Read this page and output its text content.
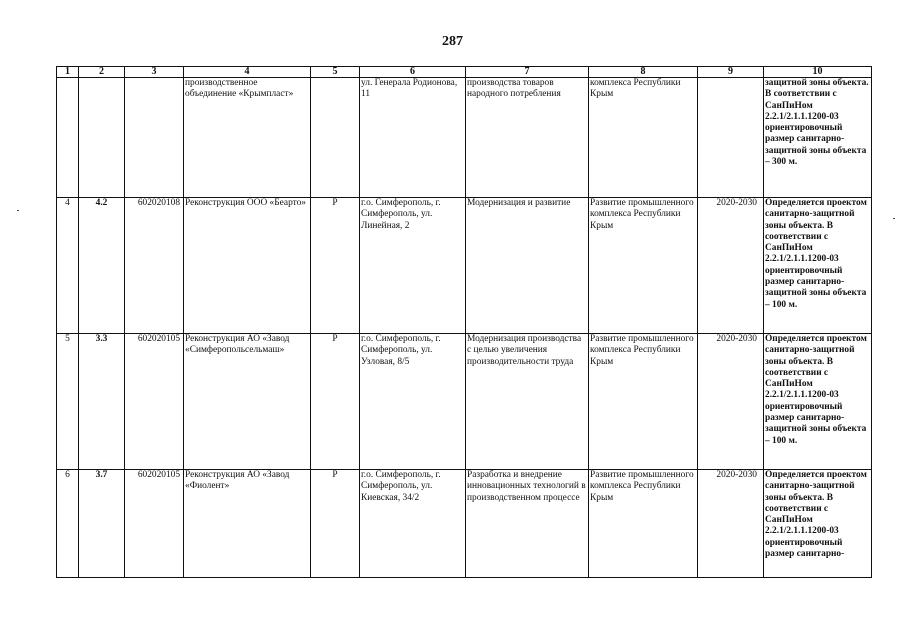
287
1	2	3	4	5	6	7	8	9	10
			производственное объединение «Крымпласт»		ул. Генерала Родионова, 11	производства товаров народного потребления	комплекса Республики Крым		защитной зоны объекта. В соответствии с СанПиНом 2.2.1/2.1.1.1200-03 ориентировочный размер санитарно-защитной зоны объекта – 300 м.
4	4.2	602020108	Реконструкция ООО «Беарто»	Р	г.о. Симферополь, г. Симферополь, ул. Линейная, 2	Модернизация и развитие	Развитие промышленного комплекса Республики Крым	2020-2030	Определяется проектом санитарно-защитной зоны объекта. В соответствии с СанПиНом 2.2.1/2.1.1.1200-03 ориентировочный размер санитарно-защитной зоны объекта – 100 м.
5	3.3	602020105	Реконструкция АО «Завод «Симферопольсельмаш»	Р	г.о. Симферополь, г. Симферополь, ул. Узловая, 8/5	Модернизация производства с целью увеличения производительности труда	Развитие промышленного комплекса Республики Крым	2020-2030	Определяется проектом санитарно-защитной зоны объекта. В соответствии с СанПиНом 2.2.1/2.1.1.1200-03 ориентировочный размер санитарно-защитной зоны объекта – 100 м.
6	3.7	602020105	Реконструкция АО «Завод «Фиолент»	Р	г.о. Симферополь, г. Симферополь, ул. Киевская, 34/2	Разработка и внедрение инновационных технологий в производственном процессе	Развитие промышленного комплекса Республики Крым	2020-2030	Определяется проектом санитарно-защитной зоны объекта. В соответствии с СанПиНом 2.2.1/2.1.1.1200-03 ориентировочный размер санитарно-
